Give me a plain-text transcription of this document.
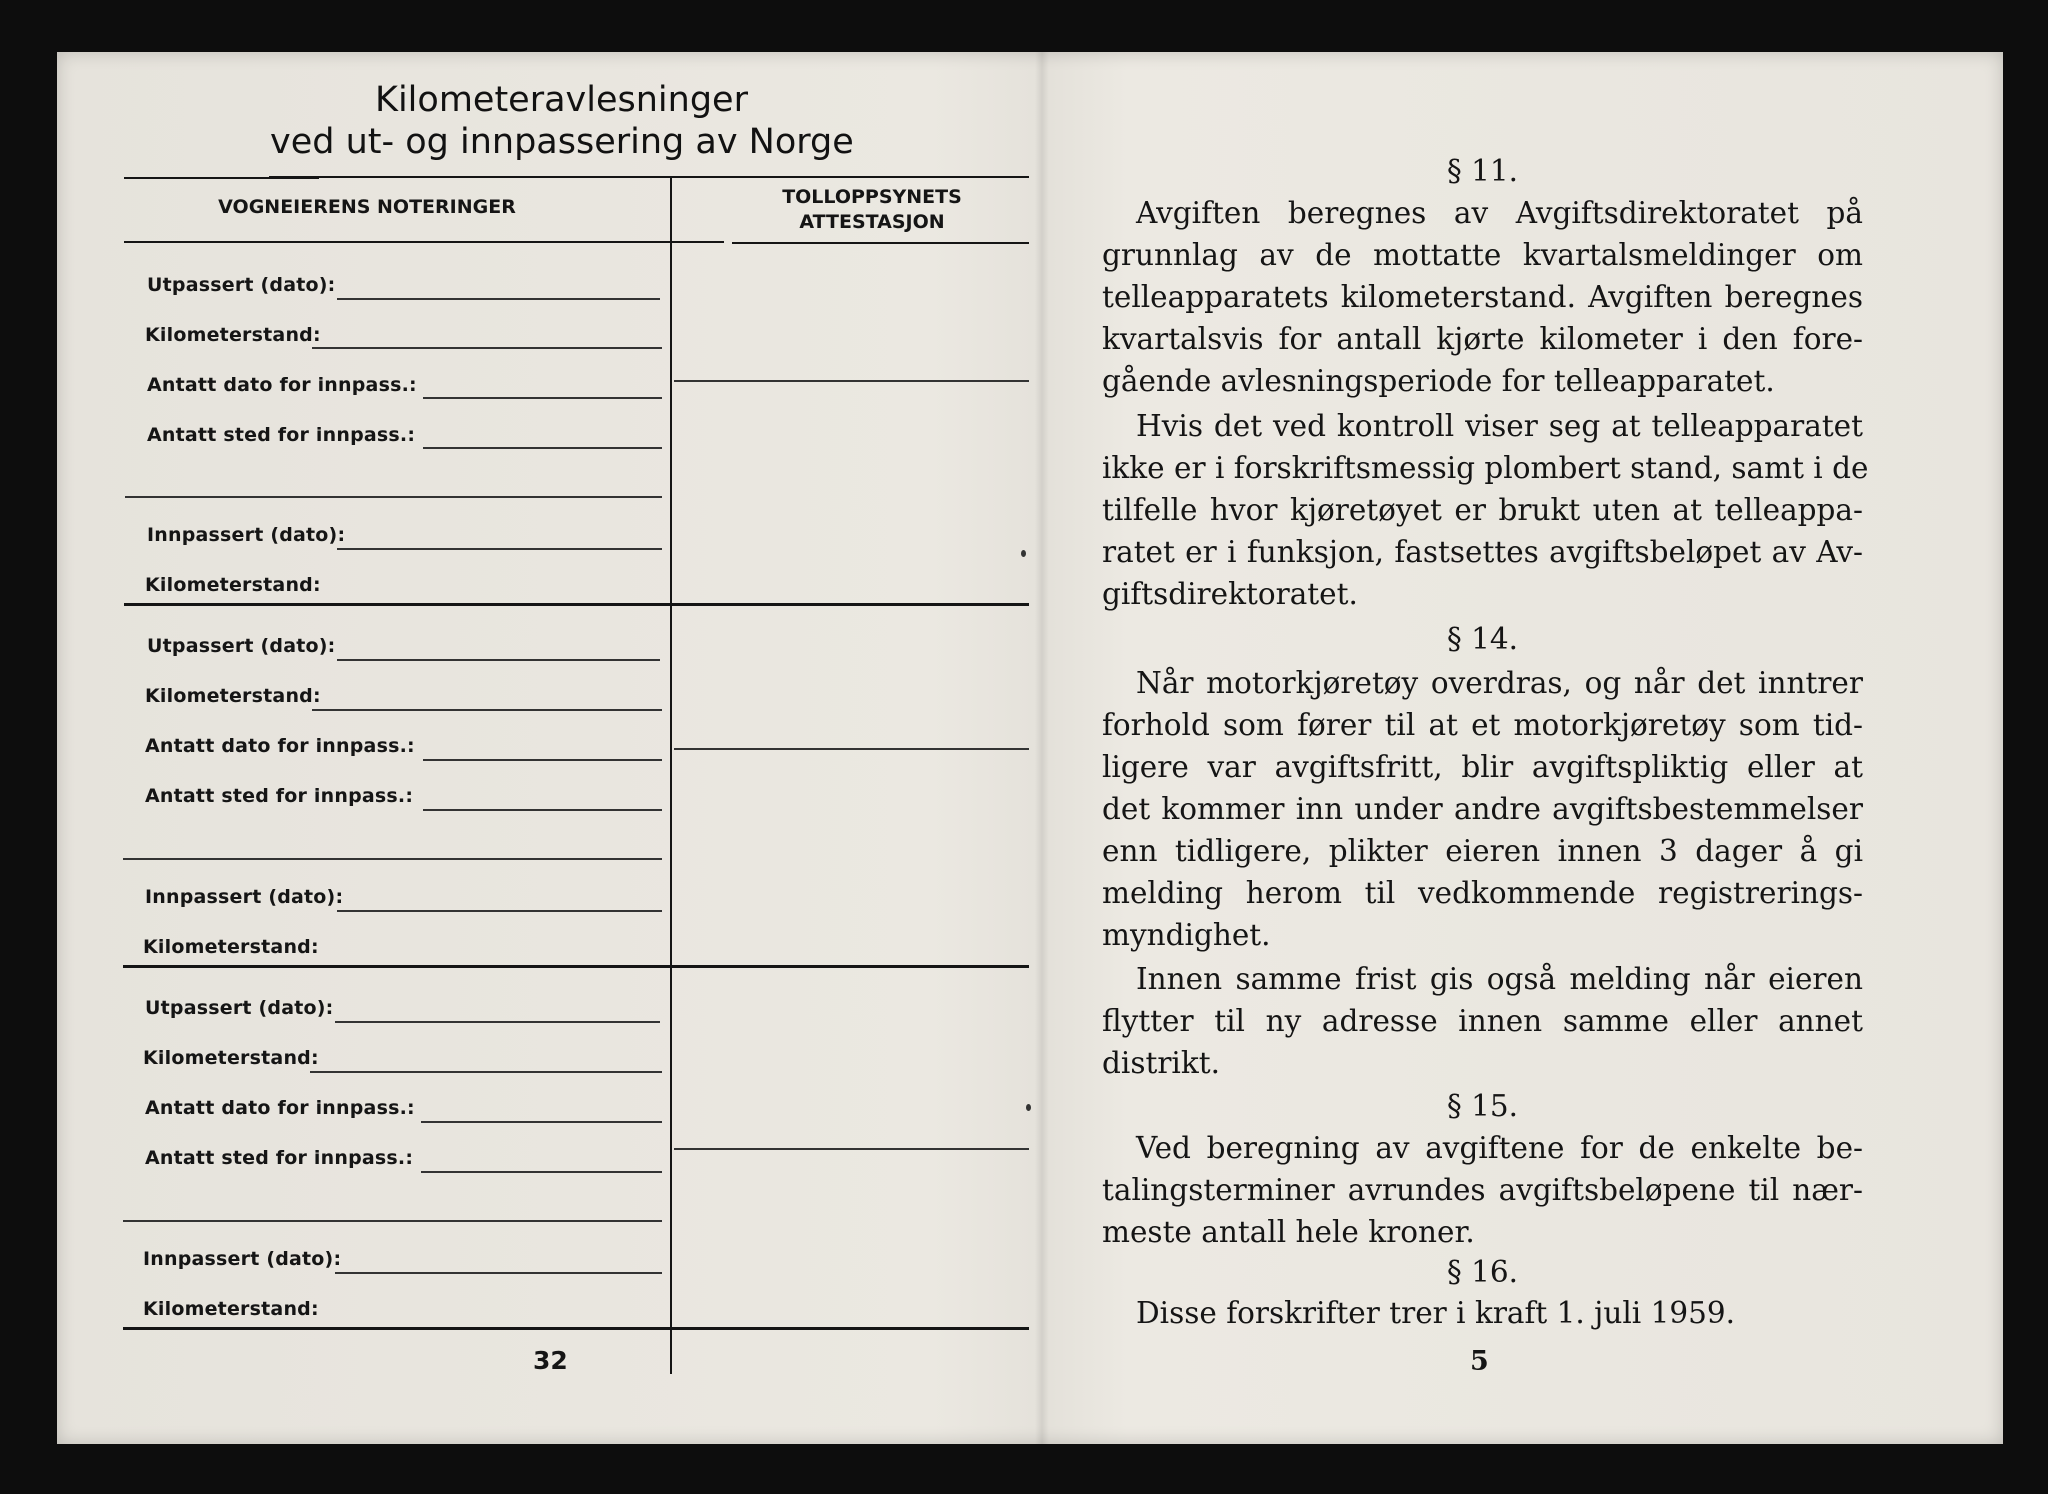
Kilometeravlesninger
ved ut- og innpassering av Norge
VOGNEIERENS NOTERINGER	TOLLOPPSYNETS
ATTESTASJON
Utpassert (dato):
Kilometerstand:
Antatt dato for innpass.:
Antatt sted for innpass.:
Innpassert (dato):
Kilometerstand:
Utpassert (dato):
Kilometerstand:
Antatt dato for innpass.:
Antatt sted for innpass.:
Innpassert (dato):
Kilometerstand:
Utpassert (dato):
Kilometerstand:
Antatt dato for innpass.:
Antatt sted for innpass.:
Innpassert (dato):
Kilometerstand:
32
§ 11.
Avgiften beregnes av Avgiftsdirektoratet på
grunnlag av de mottatte kvartalsmeldinger om
telleapparatets kilometerstand. Avgiften beregnes
kvartalsvis for antall kjørte kilometer i den fore-
gående avlesningsperiode for telleapparatet.
Hvis det ved kontroll viser seg at telleapparatet
ikke er i forskriftsmessig plombert stand, samt i de
tilfelle hvor kjøretøyet er brukt uten at telleappa-
ratet er i funksjon, fastsettes avgiftsbeløpet av Av-
giftsdirektoratet.
§ 14.
Når motorkjøretøy overdras, og når det inntrer
forhold som fører til at et motorkjøretøy som tid-
ligere var avgiftsfritt, blir avgiftspliktig eller at
det kommer inn under andre avgiftsbestemmelser
enn tidligere, plikter eieren innen 3 dager å gi
melding herom til vedkommende registrerings-
myndighet.
Innen samme frist gis også melding når eieren
flytter til ny adresse innen samme eller annet
distrikt.
§ 15.
Ved beregning av avgiftene for de enkelte be-
talingsterminer avrundes avgiftsbeløpene til nær-
meste antall hele kroner.
§ 16.
Disse forskrifter trer i kraft 1. juli 1959.
5
